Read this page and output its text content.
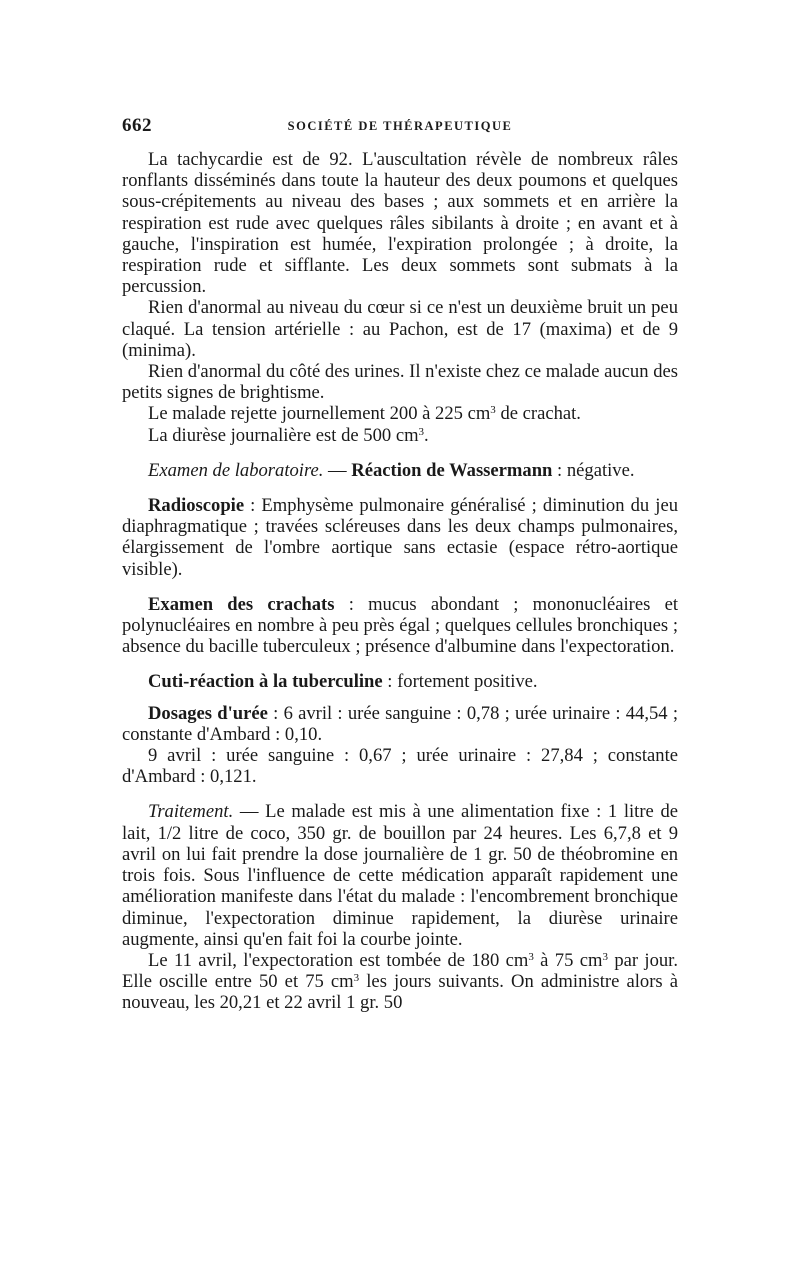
662	SOCIÉTÉ DE THÉRAPEUTIQUE

La tachycardie est de 92. L'auscultation révèle de nombreux râles ronflants disséminés dans toute la hauteur des deux poumons et quelques sous-crépitements au niveau des bases ; aux sommets et en arrière la respiration est rude avec quelques râles sibilants à droite ; en avant et à gauche, l'inspiration est humée, l'expiration prolongée ; à droite, la respiration rude et sifflante. Les deux sommets sont submats à la percussion.

Rien d'anormal au niveau du cœur si ce n'est un deuxième bruit un peu claqué. La tension artérielle : au Pachon, est de 17 (maxima) et de 9 (minima).

Rien d'anormal du côté des urines. Il n'existe chez ce malade aucun des petits signes de brightisme.

Le malade rejette journellement 200 à 225 $cm^3$ de crachat.

La diurèse journalière est de 500 $cm^3$.

Examen de laboratoire. — Réaction de Wassermann : négative.

Radioscopie : Emphysème pulmonaire généralisé ; diminution du jeu diaphragmatique ; travées scléreuses dans les deux champs pulmonaires, élargissement de l'ombre aortique sans ectasie (espace rétro-aortique visible).

Examen des crachats : mucus abondant ; mononucléaires et polynucléaires en nombre à peu près égal ; quelques cellules bronchiques ; absence du bacille tuberculeux ; présence d'albumine dans l'expectoration.

Cuti-réaction à la tuberculine : fortement positive.

Dosages d'urée : 6 avril : urée sanguine : 0,78 ; urée urinaire : 44,54 ; constante d'Ambard : 0,10.

9 avril : urée sanguine : 0,67 ; urée urinaire : 27,84 ; constante d'Ambard : 0,121.

Traitement. — Le malade est mis à une alimentation fixe : 1 litre de lait, 1/2 litre de coco, 350 gr. de bouillon par 24 heures. Les 6,7,8 et 9 avril on lui fait prendre la dose journalière de 1 gr. 50 de théobromine en trois fois. Sous l'influence de cette médication apparaît rapidement une amélioration manifeste dans l'état du malade : l'encombrement bronchique diminue, l'expectoration diminue rapidement, la diurèse urinaire augmente, ainsi qu'en fait foi la courbe jointe.

Le 11 avril, l'expectoration est tombée de 180 $cm^3$ à 75 $cm^3$ par jour. Elle oscille entre 50 et 75 $cm^3$ les jours suivants. On administre alors à nouveau, les 20,21 et 22 avril 1 gr. 50
